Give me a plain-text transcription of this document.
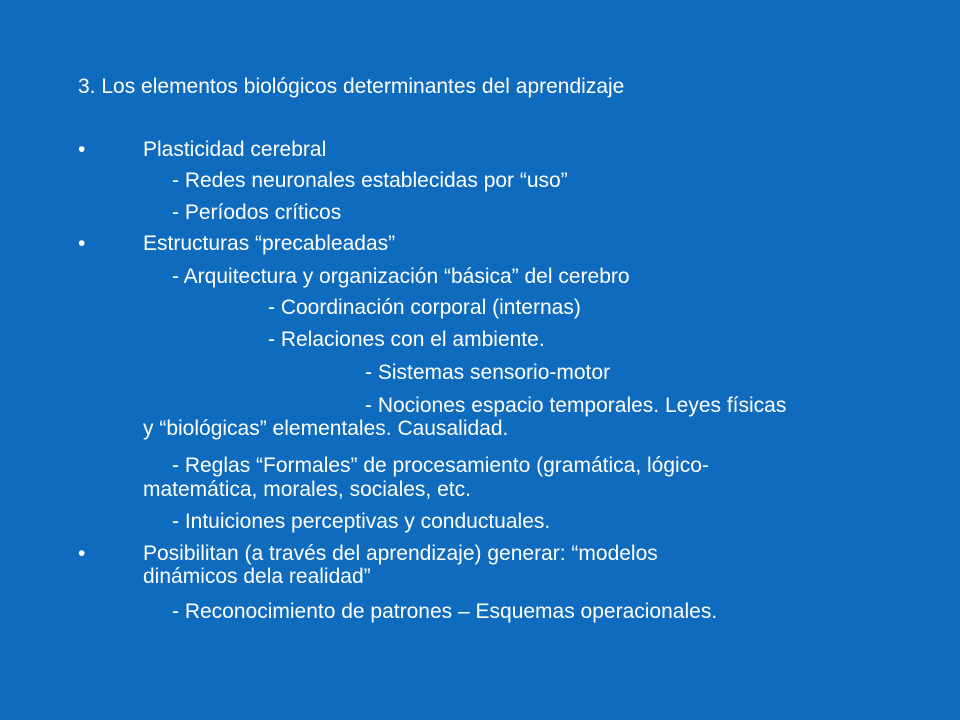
3. Los elementos biológicos determinantes del aprendizaje
•	Plasticidad cerebral
- Redes neuronales establecidas por “uso”
- Períodos críticos
•	Estructuras “precableadas”
- Arquitectura y organización “básica” del cerebro
- Coordinación corporal (internas)
- Relaciones con el ambiente.
- Sistemas sensorio-motor
- Nociones espacio temporales. Leyes físicas
y “biológicas” elementales. Causalidad.
- Reglas “Formales” de procesamiento (gramática, lógico-
matemática, morales, sociales, etc.
- Intuiciones perceptivas y conductuales.
•	Posibilitan (a través del aprendizaje) generar: “modelos
dinámicos dela realidad”
- Reconocimiento de patrones – Esquemas operacionales.
